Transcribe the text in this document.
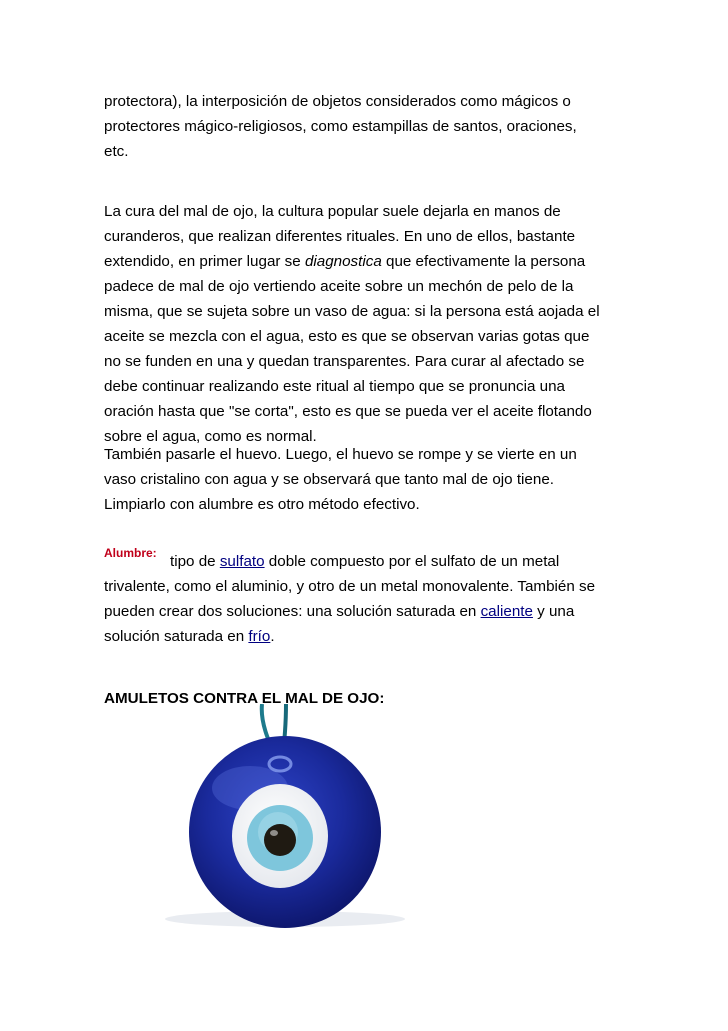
protectora), la interposición de objetos considerados como mágicos o
protectores mágico-religiosos, como estampillas de santos, oraciones,
etc.
La cura del mal de ojo, la cultura popular suele dejarla en manos de
curanderos, que realizan diferentes rituales. En uno de ellos, bastante
extendido, en primer lugar se diagnostica que efectivamente la persona
padece de mal de ojo vertiendo aceite sobre un mechón de pelo de la
misma, que se sujeta sobre un vaso de agua: si la persona está aojada el
aceite se mezcla con el agua, esto es que se observan varias gotas que
no se funden en una y quedan transparentes. Para curar al afectado se
debe continuar realizando este ritual al tiempo que se pronuncia una
oración hasta que "se corta", esto es que se pueda ver el aceite flotando
sobre el agua, como es normal.
También pasarle el huevo. Luego, el huevo se rompe y se vierte en un
vaso cristalino con agua y se observará que tanto mal de ojo tiene.
Limpiarlo con alumbre es otro método efectivo.
Alumbre: tipo de sulfato doble compuesto por el sulfato de un metal
trivalente, como el aluminio, y otro de un metal monovalente. También se
pueden crear dos soluciones: una solución saturada en caliente y una
solución saturada en frío.
AMULETOS CONTRA EL MAL DE OJO:
